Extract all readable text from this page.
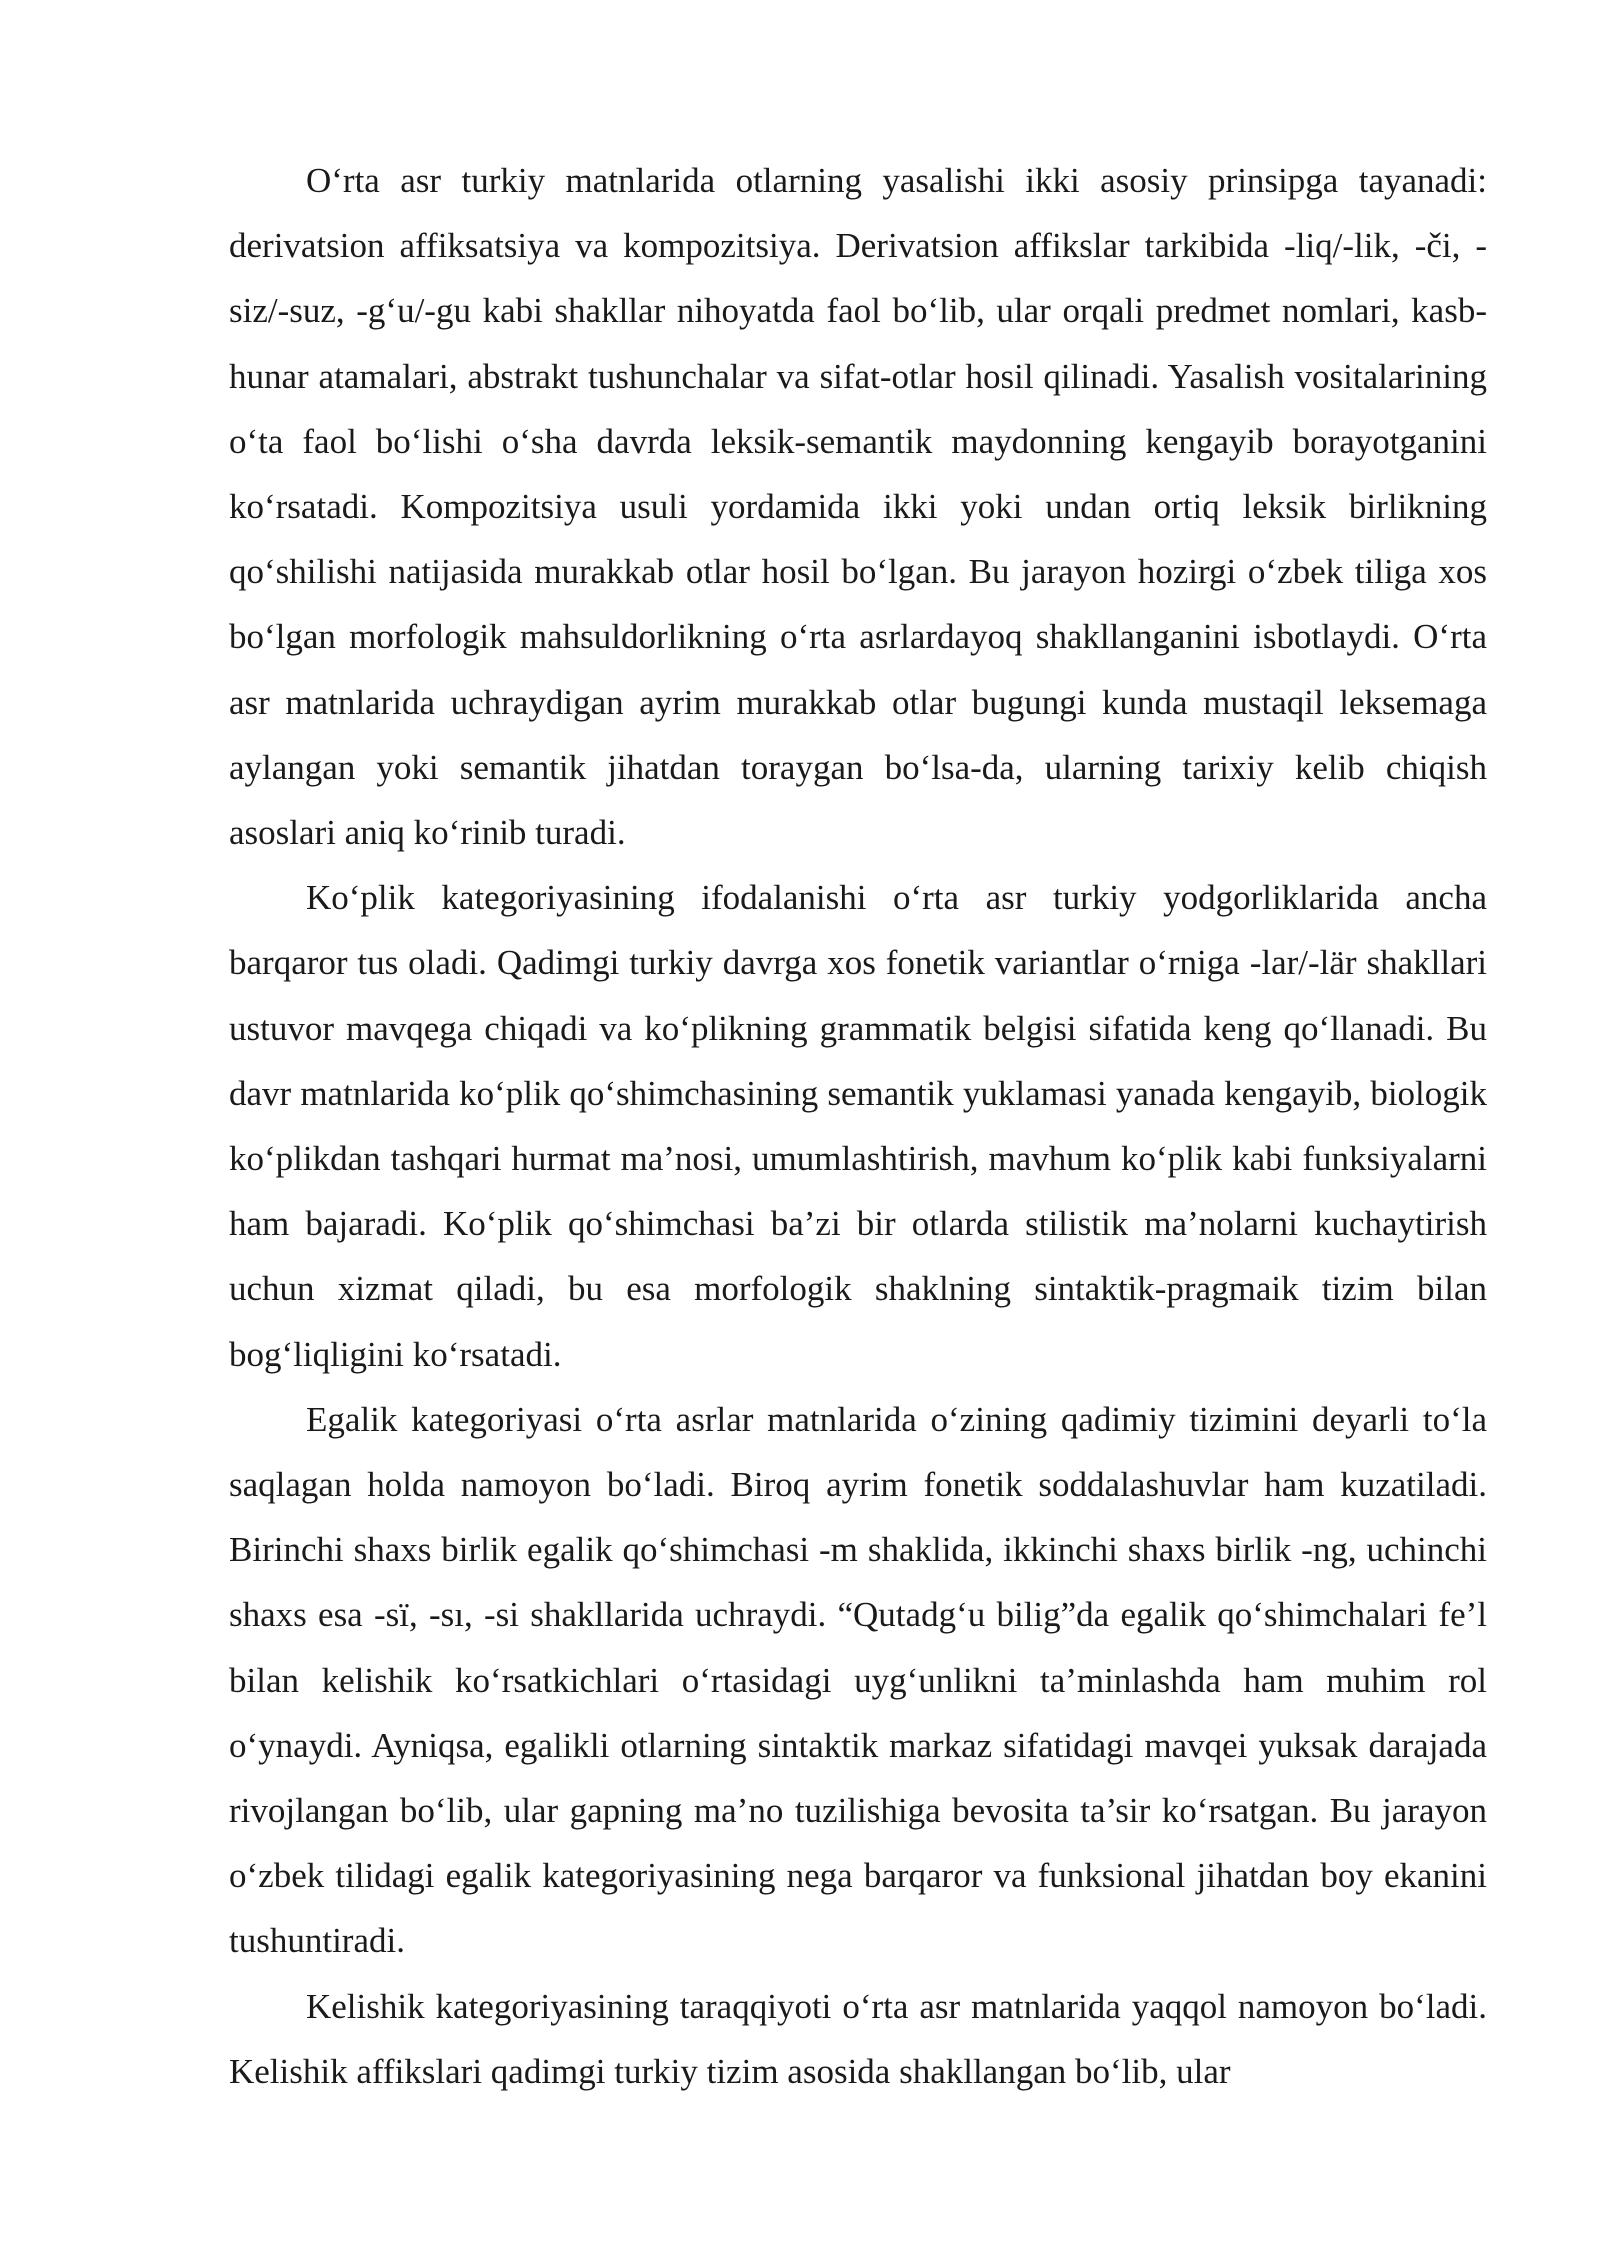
O‘rta asr turkiy matnlarida otlarning yasalishi ikki asosiy prinsipga tayanadi: derivatsion affiksatsiya va kompozitsiya. Derivatsion affikslar tarkibida -liq/-lik, -či, -siz/-suz, -g‘u/-gu kabi shakllar nihoyatda faol bo‘lib, ular orqali predmet nomlari, kasb-hunar atamalari, abstrakt tushunchalar va sifat-otlar hosil qilinadi. Yasalish vositalarining o‘ta faol bo‘lishi o‘sha davrda leksik-semantik maydonning kengayib borayotganini ko‘rsatadi. Kompozitsiya usuli yordamida ikki yoki undan ortiq leksik birlikning qo‘shilishi natijasida murakkab otlar hosil bo‘lgan. Bu jarayon hozirgi o‘zbek tiliga xos bo‘lgan morfologik mahsuldorlikning o‘rta asrlardayoq shakllanganini isbotlaydi. O‘rta asr matnlarida uchraydigan ayrim murakkab otlar bugungi kunda mustaqil leksemaga aylangan yoki semantik jihatdan toraygan bo‘lsa-da, ularning tarixiy kelib chiqish asoslari aniq ko‘rinib turadi.

Ko‘plik kategoriyasining ifodalanishi o‘rta asr turkiy yodgorliklarida ancha barqaror tus oladi. Qadimgi turkiy davrga xos fonetik variantlar o‘rniga -lar/-lär shakllari ustuvor mavqega chiqadi va ko‘plikning grammatik belgisi sifatida keng qo‘llanadi. Bu davr matnlarida ko‘plik qo‘shimchasining semantik yuklamasi yanada kengayib, biologik ko‘plikdan tashqari hurmat ma’nosi, umumlashtirish, mavhum ko‘plik kabi funksiyalarni ham bajaradi. Ko‘plik qo‘shimchasi ba’zi bir otlarda stilistik ma’nolarni kuchaytirish uchun xizmat qiladi, bu esa morfologik shaklning sintaktik-pragmaik tizim bilan bog‘liqligini ko‘rsatadi.

Egalik kategoriyasi o‘rta asrlar matnlarida o‘zining qadimiy tizimini deyarli to‘la saqlagan holda namoyon bo‘ladi. Biroq ayrim fonetik soddalashuvlar ham kuzatiladi. Birinchi shaxs birlik egalik qo‘shimchasi -m shaklida, ikkinchi shaxs birlik -ng, uchinchi shaxs esa -sï, -sı, -si shakllarida uchraydi. “Qutadg‘u bilig”da egalik qo‘shimchalari fe’l bilan kelishik ko‘rsatkichlari o‘rtasidagi uyg‘unlikni ta’minlashda ham muhim rol o‘ynaydi. Ayniqsa, egalikli otlarning sintaktik markaz sifatidagi mavqei yuksak darajada rivojlangan bo‘lib, ular gapning ma’no tuzilishiga bevosita ta’sir ko‘rsatgan. Bu jarayon o‘zbek tilidagi egalik kategoriyasining nega barqaror va funksional jihatdan boy ekanini tushuntiradi.

Kelishik kategoriyasining taraqqiyoti o‘rta asr matnlarida yaqqol namoyon bo‘ladi. Kelishik affikslari qadimgi turkiy tizim asosida shakllangan bo‘lib, ular
